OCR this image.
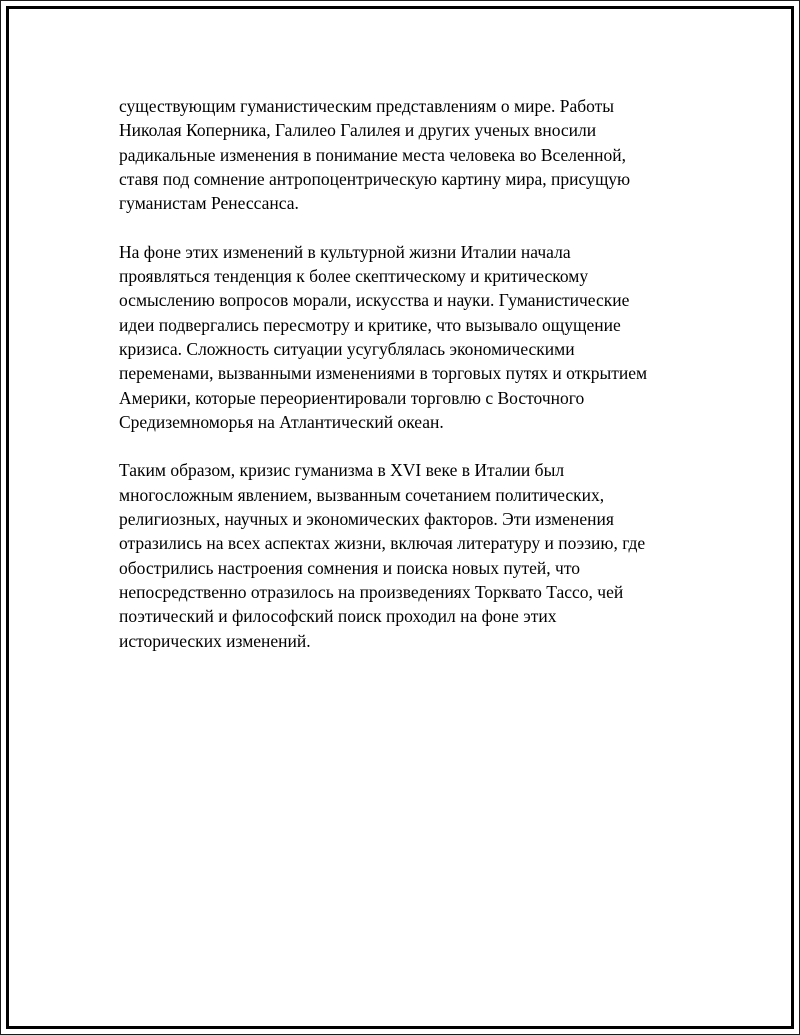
существующим гуманистическим представлениям о мире. Работы
Николая Коперника, Галилео Галилея и других ученых вносили
радикальные изменения в понимание места человека во Вселенной,
ставя под сомнение антропоцентрическую картину мира, присущую
гуманистам Ренессанса.

На фоне этих изменений в культурной жизни Италии начала
проявляться тенденция к более скептическому и критическому
осмыслению вопросов морали, искусства и науки. Гуманистические
идеи подвергались пересмотру и критике, что вызывало ощущение
кризиса. Сложность ситуации усугублялась экономическими
переменами, вызванными изменениями в торговых путях и открытием
Америки, которые переориентировали торговлю с Восточного
Средиземноморья на Атлантический океан.

Таким образом, кризис гуманизма в XVI веке в Италии был
многосложным явлением, вызванным сочетанием политических,
религиозных, научных и экономических факторов. Эти изменения
отразились на всех аспектах жизни, включая литературу и поэзию, где
обострились настроения сомнения и поиска новых путей, что
непосредственно отразилось на произведениях Торквато Тассо, чей
поэтический и философский поиск проходил на фоне этих
исторических изменений.
